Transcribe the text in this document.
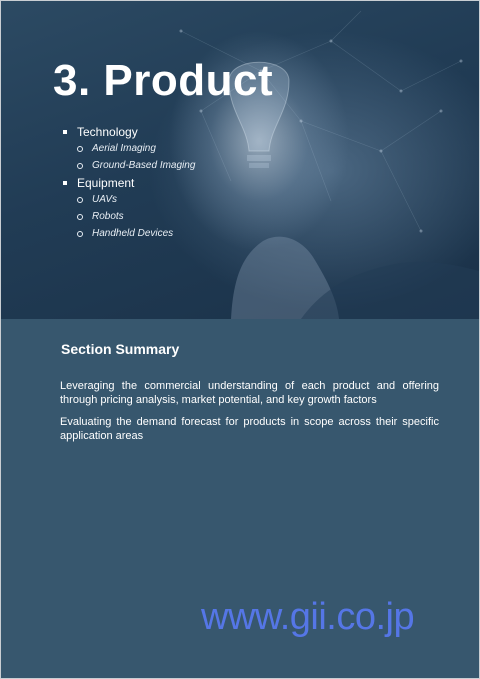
3. Product
Technology
Aerial Imaging
Ground-Based Imaging
Equipment
UAVs
Robots
Handheld Devices
Section Summary

Leveraging the commercial understanding of each product and offering through pricing analysis, market potential, and key growth factors

Evaluating the demand forecast for products in scope across their specific application areas

www.gii.co.jp
